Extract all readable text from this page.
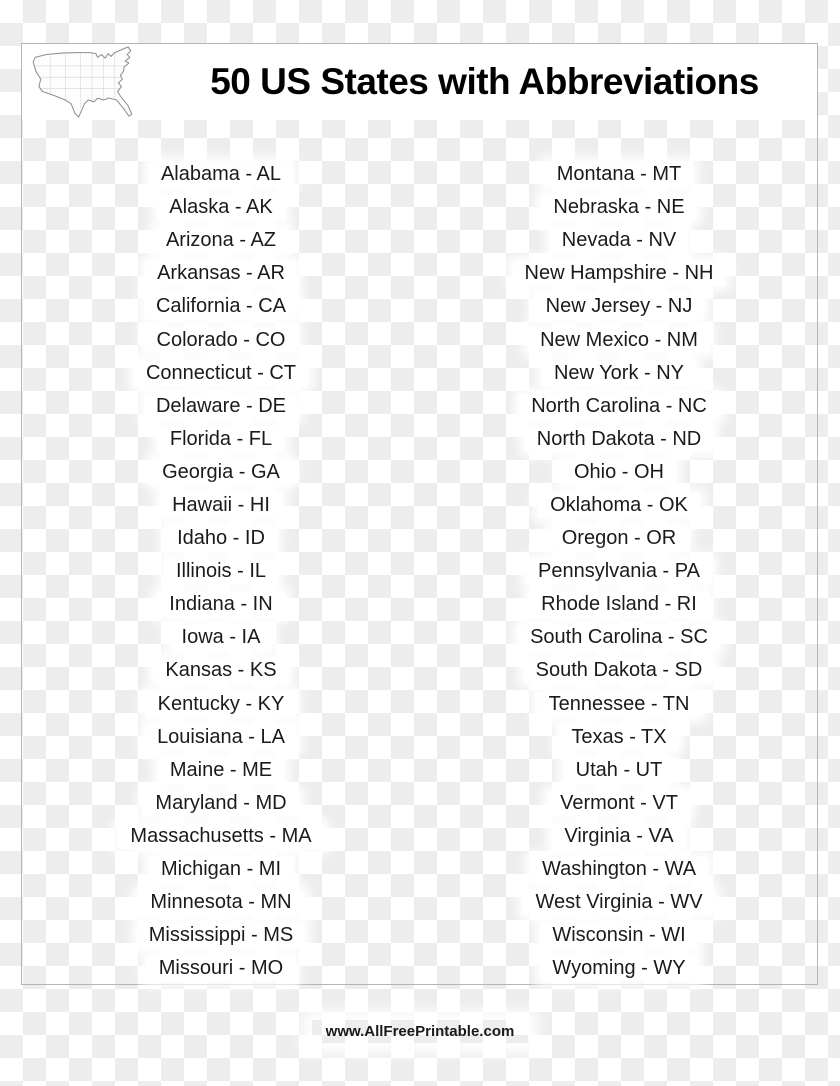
50 US States with Abbreviations
Alabama - AL
Alaska - AK
Arizona - AZ
Arkansas - AR
California - CA
Colorado - CO
Connecticut - CT
Delaware - DE
Florida - FL
Georgia - GA
Hawaii - HI
Idaho - ID
Illinois - IL
Indiana - IN
Iowa - IA
Kansas - KS
Kentucky - KY
Louisiana - LA
Maine - ME
Maryland - MD
Massachusetts - MA
Michigan - MI
Minnesota - MN
Mississippi - MS
Missouri - MO
Montana - MT
Nebraska - NE
Nevada - NV
New Hampshire - NH
New Jersey - NJ
New Mexico - NM
New York - NY
North Carolina - NC
North Dakota - ND
Ohio - OH
Oklahoma - OK
Oregon - OR
Pennsylvania - PA
Rhode Island - RI
South Carolina - SC
South Dakota - SD
Tennessee - TN
Texas - TX
Utah - UT
Vermont - VT
Virginia - VA
Washington - WA
West Virginia - WV
Wisconsin - WI
Wyoming - WY
www.AllFreePrintable.com
